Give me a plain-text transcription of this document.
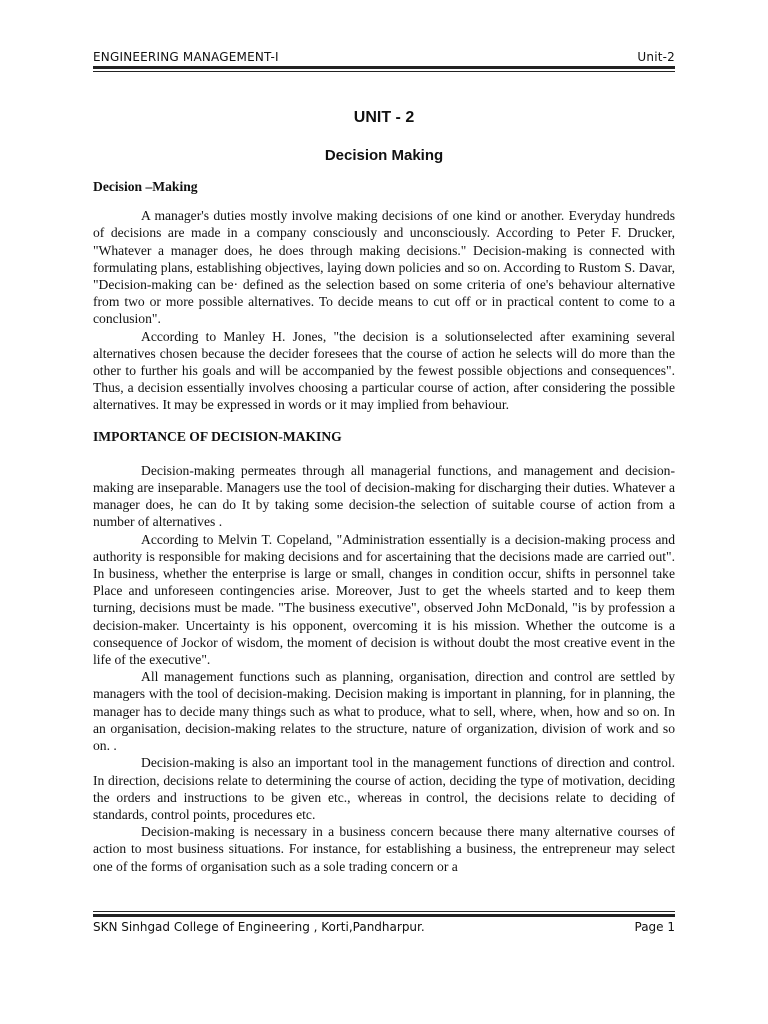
ENGINEERING MANAGEMENT-I	Unit-2
UNIT - 2
Decision Making
Decision –Making

A manager's duties mostly involve making decisions of one kind or another. Everyday hundreds of decisions are made in a company consciously and unconsciously. According to Peter F. Drucker, "Whatever a manager does, he does through making decisions." Decision-making is connected with formulating plans, establishing objectives, laying down policies and so on. According to Rustom S. Davar, "Decision-making can be· defined as the selection based on some criteria of one's behaviour alternative from two or more possible alternatives. To decide means to cut off or in practical content to come to a conclusion".

According to Manley H. Jones, "the decision is a solutionselected after examining several alternatives chosen because the decider foresees that the course of action he selects will do more than the other to further his goals and will be accompanied by the fewest possible objections and consequences". Thus, a decision essentially involves choosing a particular course of action, after considering the possible alternatives. It may be expressed in words or it may implied from behaviour.

IMPORTANCE OF DECISION-MAKING

Decision-making permeates through all managerial functions, and management and decision-making are inseparable. Managers use the tool of decision-making for discharging their duties. Whatever a manager does, he can do It by taking some decision-the selection of suitable course of action from a number of alternatives .

According to Melvin T. Copeland, "Administration essentially is a decision-making process and authority is responsible for making decisions and for ascertaining that the decisions made are carried out". In business, whether the enterprise is large or small, changes in condition occur, shifts in personnel take Place and unforeseen contingencies arise. Moreover, Just to get the wheels started and to keep them turning, decisions must be made. "The business executive", observed John McDonald, "is by profession a decision-maker. Uncertainty is his opponent, overcoming it is his mission. Whether the outcome is a consequence of Jockor of wisdom, the moment of decision is without doubt the most creative event in the life of the executive".

All management functions such as planning, organisation, direction and control are settled by managers with the tool of decision-making. Decision making is important in planning, for in planning, the manager has to decide many things such as what to produce, what to sell, where, when, how and so on. In an organisation, decision-making relates to the structure, nature of organization, division of work and so on. .

Decision-making is also an important tool in the management functions of direction and control. In direction, decisions relate to determining the course of action, deciding the type of motivation, deciding the orders and instructions to be given etc., whereas in control, the decisions relate to deciding of standards, control points, procedures etc.

Decision-making is necessary in a business concern because there many alternative courses of action to most business situations. For instance, for establishing a business, the entrepreneur may select one of the forms of organisation such as a sole trading concern or a

SKN Sinhgad College of Engineering , Korti,Pandharpur.	Page 1
